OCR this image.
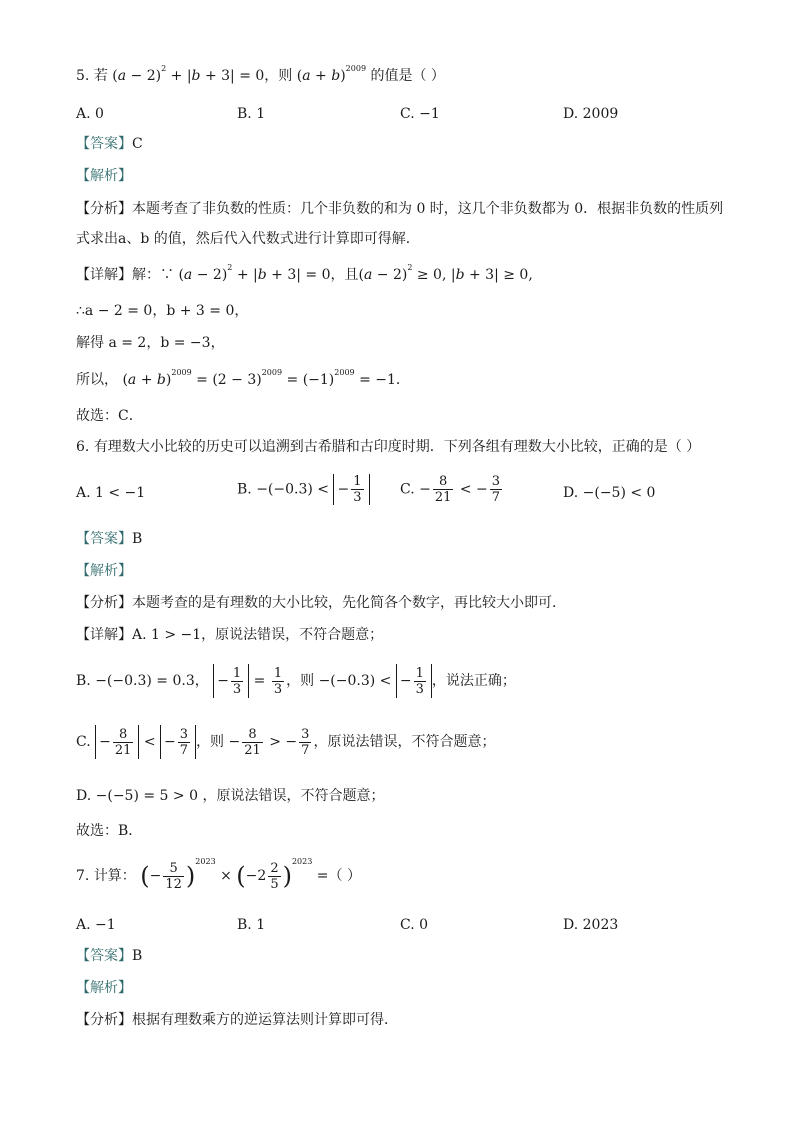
5. 若 $(a - 2)^2 + |b + 3| = 0$，则 $(a + b)^{2009}$ 的值是（ ）
A. 0	B. 1	C. −1	D. 2009
【答案】C
【解析】
【分析】本题考查了非负数的性质：几个非负数的和为 0 时，这几个非负数都为 0．根据非负数的性质列
式求出a、b 的值，然后代入代数式进行计算即可得解．
【详解】解：∵ $(a - 2)^2 + |b + 3| = 0$，且$(a - 2)^2 \ge 0$, |b + 3| ≥ 0,
∴a − 2 = 0，b + 3 = 0，
解得 a = 2，b = −3，
所以， $(a + b)^{2009} = (2 - 3)^{2009} = (-1)^{2009} = -1$．
故选：C．
6. 有理数大小比较的历史可以追溯到古希腊和古印度时期．下列各组有理数大小比较，正确的是（ ）
A. 1 < −1	B. −(−0.3) < − $\frac{1}{3}$	C. − $\frac{8}{21}$ < − $\frac{3}{7}$	D. −(−5) < 0
【答案】B
【解析】
【分析】本题考查的是有理数的大小比较，先化简各个数字，再比较大小即可．
【详解】A. 1 > −1，原说法错误，不符合题意；
B. −(−0.3) = 0.3， − $\frac{1}{3} = \frac{1}{3}$ ，则 −(−0.3) < − $\frac{1}{3}$ ，说法正确；
C. − $\frac{8}{21}$ < − $\frac{3}{7}$ ，则 − $\frac{8}{21}$ > − $\frac{3}{7}$ ，原说法错误，不符合题意；
D. −(−5) = 5 > 0 ，原说法错误，不符合题意；
故选：B．
7. 计算： (− $\frac{5}{12} )^{2023} \times (-2 \frac{2}{5} )^{2023}$ =（ ）
A. −1	B. 1	C. 0	D. 2023
【答案】B
【解析】
【分析】根据有理数乘方的逆运算法则计算即可得．
